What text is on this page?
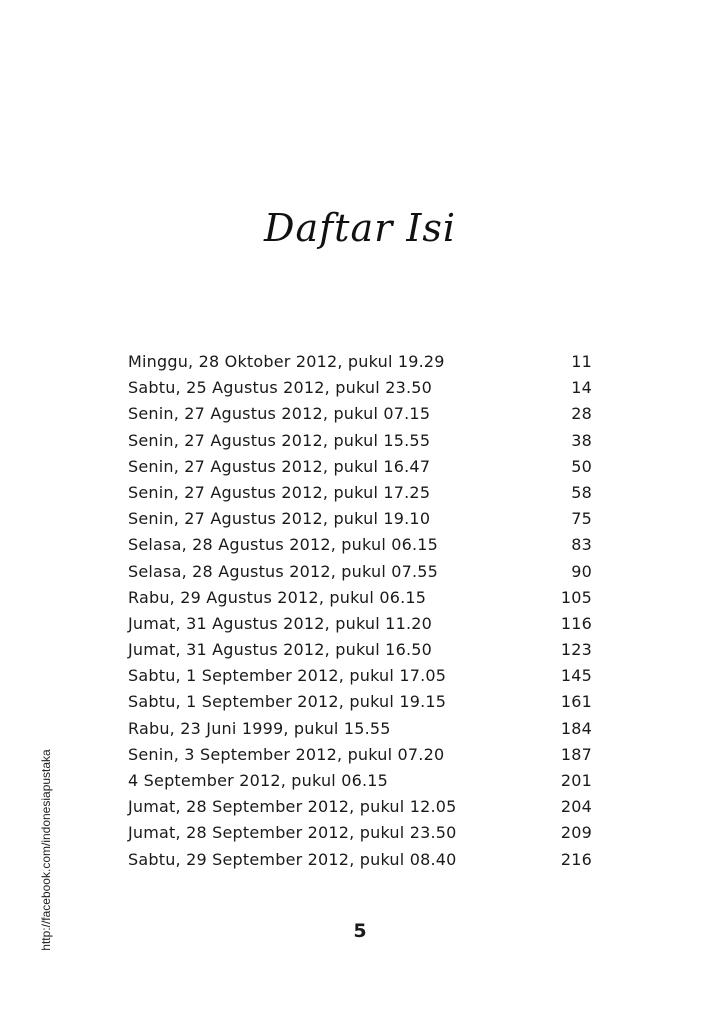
Daftar Isi
Minggu, 28 Oktober 2012, pukul 19.29	11
Sabtu, 25 Agustus 2012, pukul 23.50	14
Senin, 27 Agustus 2012, pukul 07.15	28
Senin, 27 Agustus 2012, pukul 15.55	38
Senin, 27 Agustus 2012, pukul 16.47	50
Senin, 27 Agustus 2012, pukul 17.25	58
Senin, 27 Agustus 2012, pukul 19.10	75
Selasa, 28 Agustus 2012, pukul 06.15	83
Selasa, 28 Agustus 2012, pukul 07.55	90
Rabu, 29 Agustus 2012, pukul 06.15	105
Jumat, 31 Agustus 2012, pukul 11.20	116
Jumat, 31 Agustus 2012, pukul 16.50	123
Sabtu, 1 September 2012, pukul 17.05	145
Sabtu, 1 September 2012, pukul 19.15	161
Rabu, 23 Juni 1999, pukul 15.55	184
Senin, 3 September 2012, pukul 07.20	187
4 September 2012, pukul 06.15	201
Jumat, 28 September 2012, pukul 12.05	204
Jumat, 28 September 2012, pukul 23.50	209
Sabtu, 29 September 2012, pukul 08.40	216
5
http://facebook.com/indonesiapustaka
